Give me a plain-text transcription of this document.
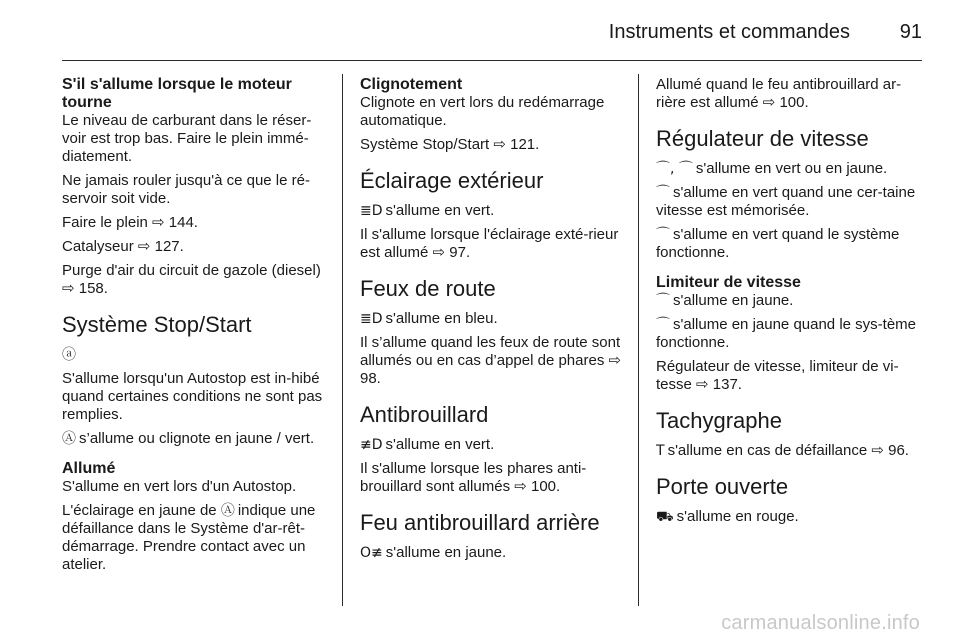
Instruments et commandes	91
S'il s'allume lorsque le moteur tourne

Le niveau de carburant dans le réser-voir est trop bas. Faire le plein immé-diatement.

Ne jamais rouler jusqu'à ce que le ré-servoir soit vide.

Faire le plein ⇨ 144.

Catalyseur ⇨ 127.

Purge d'air du circuit de gazole (diesel) ⇨ 158.

Système Stop/Start

ⓐ

S'allume lorsqu'un Autostop est in-hibé quand certaines conditions ne sont pas remplies.

Ⓐ s’allume ou clignote en jaune / vert.

Allumé

S'allume en vert lors d'un Autostop.

L'éclairage en jaune de Ⓐ indique une défaillance dans le Système d'ar-rêt-démarrage. Prendre contact avec un atelier.

Clignotement

Clignote en vert lors du redémarrage automatique.

Système Stop/Start ⇨ 121.

Éclairage extérieur

≣D s'allume en vert.

Il s'allume lorsque l'éclairage exté-rieur est allumé ⇨ 97.

Feux de route

≣D s'allume en bleu.

Il s’allume quand les feux de route sont allumés ou en cas d’appel de phares ⇨ 98.

Antibrouillard

≢D s'allume en vert.

Il s'allume lorsque les phares anti-brouillard sont allumés ⇨ 100.

Feu antibrouillard arrière

O≢ s'allume en jaune.

Allumé quand le feu antibrouillard ar-rière est allumé ⇨ 100.

Régulateur de vitesse

⌒, ⌒ s'allume en vert ou en jaune.

⌒ s'allume en vert quand une cer-taine vitesse est mémorisée.

⌒ s'allume en vert quand le système fonctionne.

Limiteur de vitesse

⌒ s'allume en jaune.

⌒ s'allume en jaune quand le sys-tème fonctionne.

Régulateur de vitesse, limiteur de vi-tesse ⇨ 137.

Tachygraphe

T s'allume en cas de défaillance ⇨ 96.

Porte ouverte

⛟ s'allume en rouge.

carmanualsonline.info
